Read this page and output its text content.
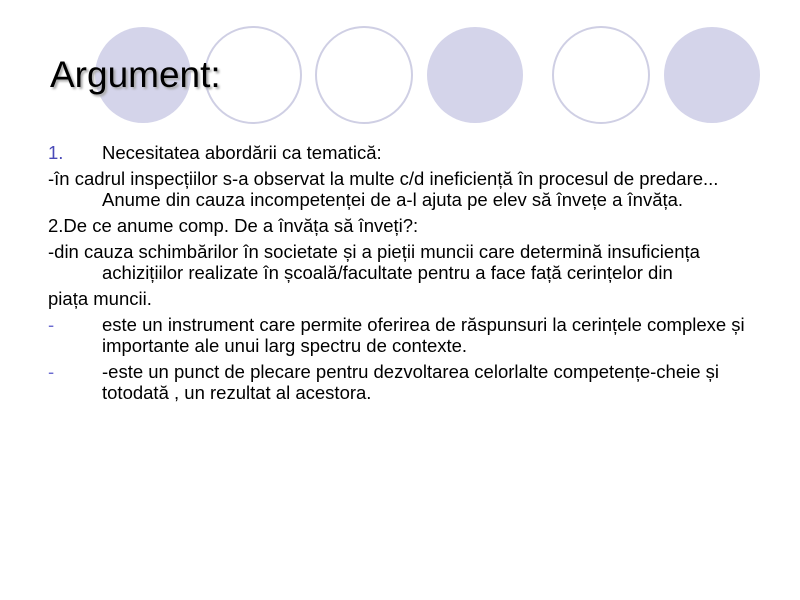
Argument:
1. Necesitatea abordării ca tematică:
-în cadrul inspecțiilor s-a observat la multe c/d ineficiență în procesul de predare... Anume din cauza incompetenței de a-l ajuta pe elev să învețe a învăța.
2.De ce anume comp. De a învăța să înveți?:
-din cauza schimbărilor în societate și a pieții muncii care determină insuficiența achizițiilor realizate în școală/facultate pentru a face față cerințelor din
piața muncii.
-	este un instrument care permite oferirea de răspunsuri la cerințele complexe și importante ale unui larg spectru de contexte.
-	-este un punct de plecare pentru dezvoltarea celorlalte competențe-cheie și totodată , un rezultat al acestora.
